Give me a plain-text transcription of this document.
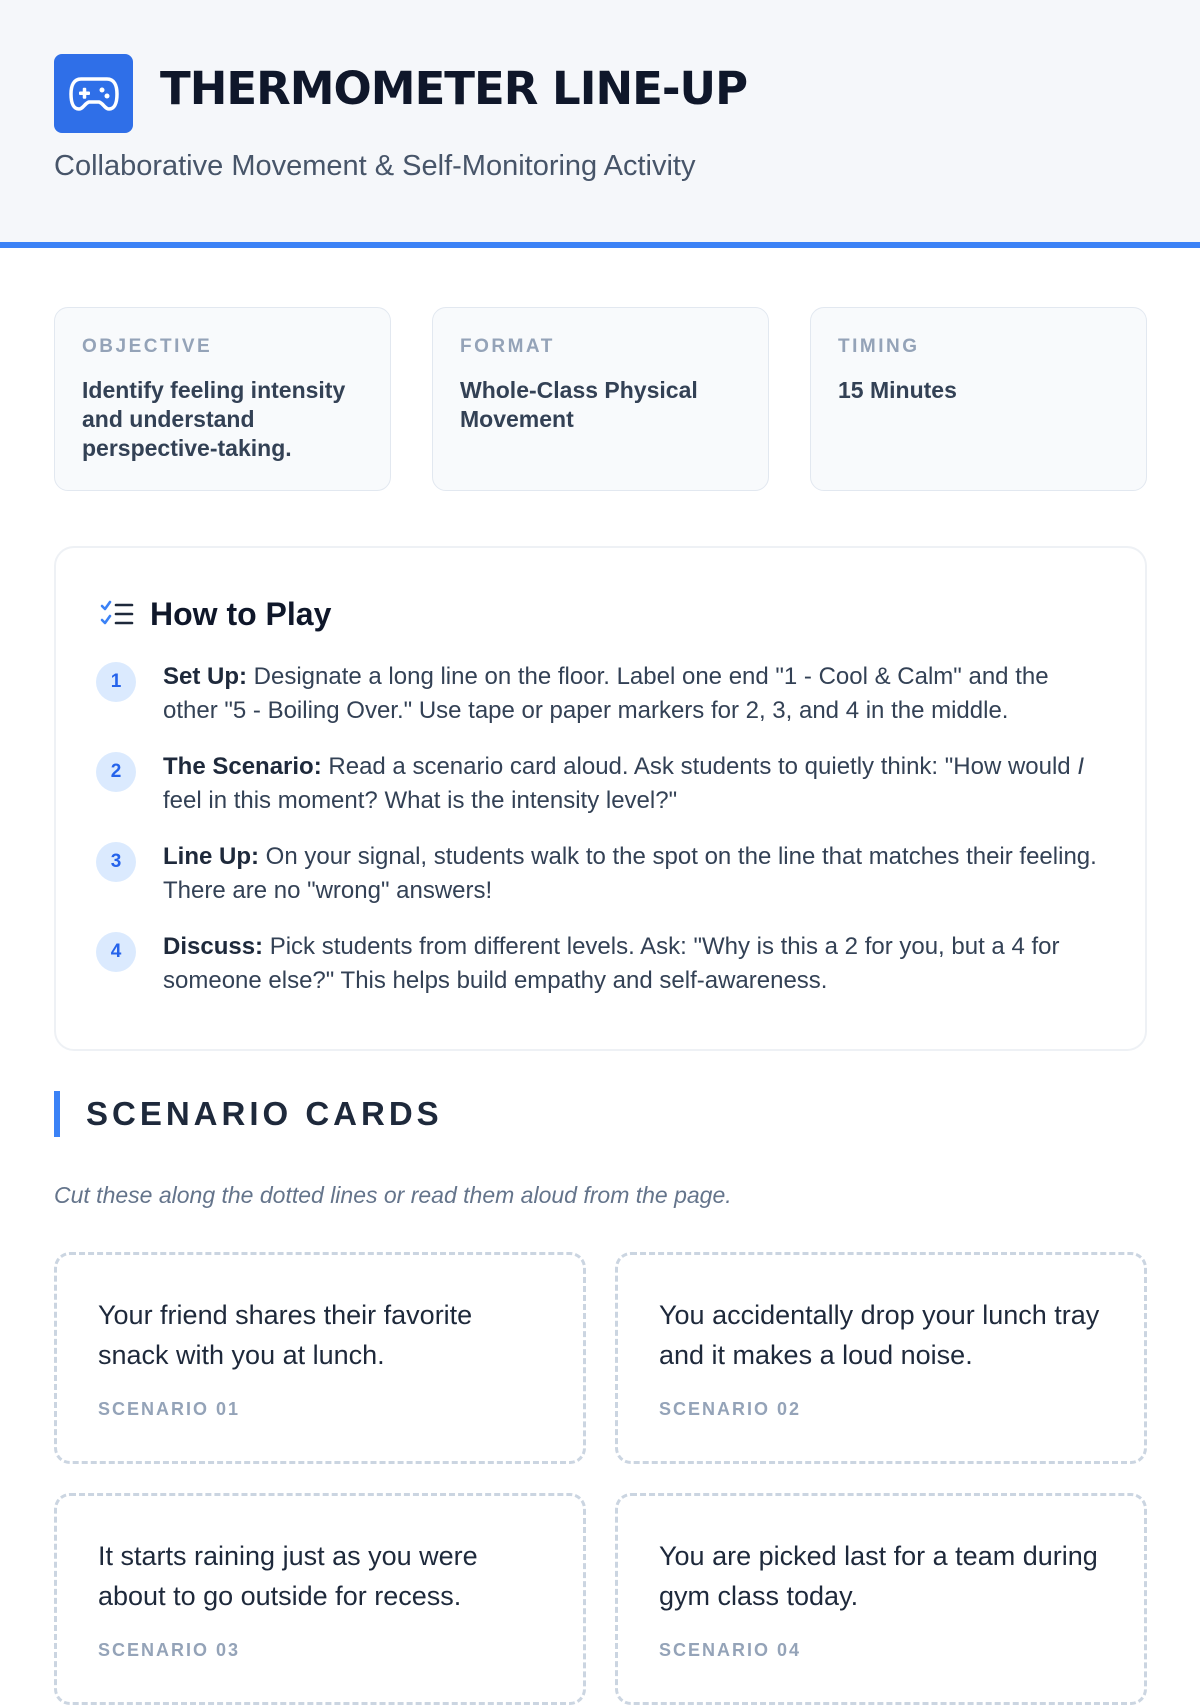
THERMOMETER LINE-UP
Collaborative Movement & Self-Monitoring Activity
OBJECTIVE
Identify feeling intensity and understand perspective-taking.
FORMAT
Whole-Class Physical Movement
TIMING
15 Minutes
How to Play
1	Set Up: Designate a long line on the floor. Label one end "1 - Cool & Calm" and the other "5 - Boiling Over." Use tape or paper markers for 2, 3, and 4 in the middle.
2	The Scenario: Read a scenario card aloud. Ask students to quietly think: "How would I feel in this moment? What is the intensity level?"
3	Line Up: On your signal, students walk to the spot on the line that matches their feeling. There are no "wrong" answers!
4	Discuss: Pick students from different levels. Ask: "Why is this a 2 for you, but a 4 for someone else?" This helps build empathy and self-awareness.
SCENARIO CARDS
Cut these along the dotted lines or read them aloud from the page.
Your friend shares their favorite snack with you at lunch.
SCENARIO 01
You accidentally drop your lunch tray and it makes a loud noise.
SCENARIO 02
It starts raining just as you were about to go outside for recess.
SCENARIO 03
You are picked last for a team during gym class today.
SCENARIO 04
